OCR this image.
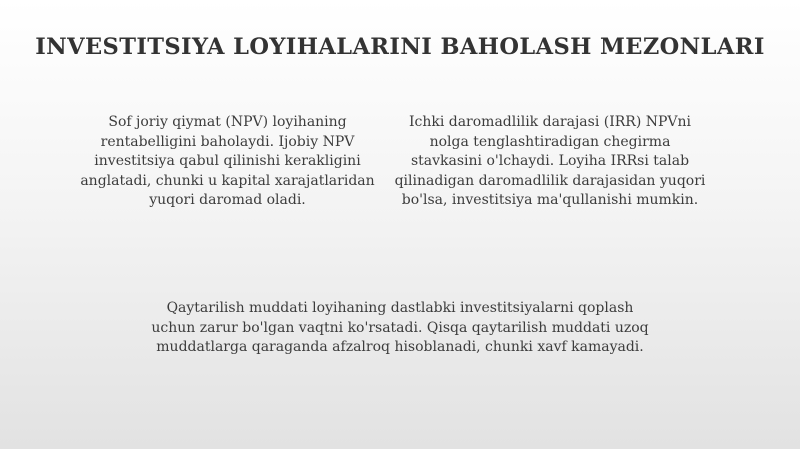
INVESTITSIYA LOYIHALARINI BAHOLASH MEZONLARI
Sof joriy qiymat (NPV) loyihaning rentabelligini baholaydi. Ijobiy NPV investitsiya qabul qilinishi kerakligini anglatadi, chunki u kapital xarajatlaridan yuqori daromad oladi.
Ichki daromadlilik darajasi (IRR) NPVni nolga tenglashtiradigan chegirma stavkasini o'lchaydi. Loyiha IRRsi talab qilinadigan daromadlilik darajasidan yuqori bo'lsa, investitsiya ma'qullanishi mumkin.
Qaytarilish muddati loyihaning dastlabki investitsiyalarni qoplash uchun zarur bo'lgan vaqtni ko'rsatadi. Qisqa qaytarilish muddati uzoq muddatlarga qaraganda afzalroq hisoblanadi, chunki xavf kamayadi.
